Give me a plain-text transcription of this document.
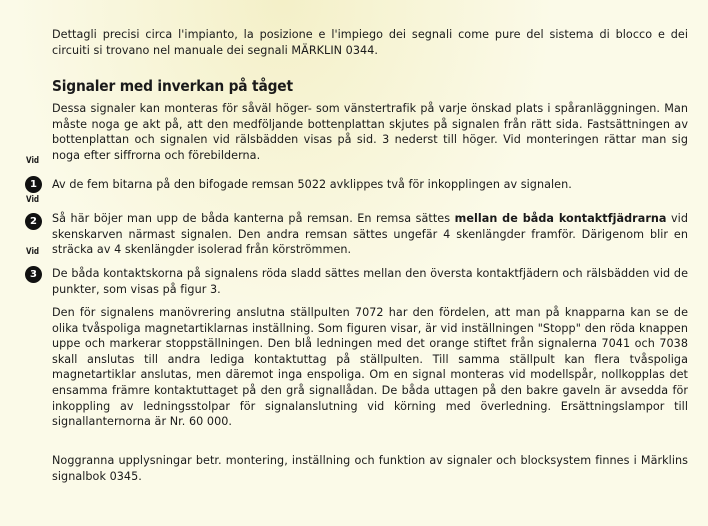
Dettagli precisi circa l'impianto, la posizione e l'impiego dei segnali come pure del sistema di blocco e dei circuiti si trovano nel manuale dei segnali MÄRKLIN 0344.

Signaler med inverkan på tåget

Dessa signaler kan monteras för såväl höger- som vänstertrafik på varje önskad plats i spåranläggningen. Man måste noga ge akt på, att den medföljande bottenplattan skjutes på signalen från rätt sida. Fastsättningen av bottenplattan och signalen vid rälsbädden visas på sid. 3 nederst till höger. Vid monteringen rättar man sig noga efter siffrorna och förebilderna.

Vid
1	Av de fem bitarna på den bifogade remsan 5022 avklippes två för inkopplingen av signalen.

Vid
2	Så här böjer man upp de båda kanterna på remsan. En remsa sättes mellan de båda kontaktfjädrarna vid skenskarven närmast signalen. Den andra remsan sättes ungefär 4 skenlängder framför. Därigenom blir en sträcka av 4 skenlängder isolerad från körströmmen.

Vid
3	De båda kontaktskorna på signalens röda sladd sättes mellan den översta kontaktfjädern och rälsbädden vid de punkter, som visas på figur 3.

Den för signalens manövrering anslutna ställpulten 7072 har den fördelen, att man på knapparna kan se de olika tvåspoliga magnetartiklarnas inställning. Som figuren visar, är vid inställningen "Stopp" den röda knappen uppe och markerar stoppställningen. Den blå ledningen med det orange stiftet från signalerna 7041 och 7038 skall anslutas till andra lediga kontaktuttag på ställpulten. Till samma ställpult kan flera tvåspoliga magnetartiklar anslutas, men däremot inga enspoliga. Om en signal monteras vid modellspår, nollkopplas det ensamma främre kontaktuttaget på den grå signallådan. De båda uttagen på den bakre gaveln är avsedda för inkoppling av ledningsstolpar för signalanslutning vid körning med överledning. Ersättningslampor till signallanternorna är Nr. 60 000.

Noggranna upplysningar betr. montering, inställning och funktion av signaler och blocksystem finnes i Märklins signalbok 0345.
